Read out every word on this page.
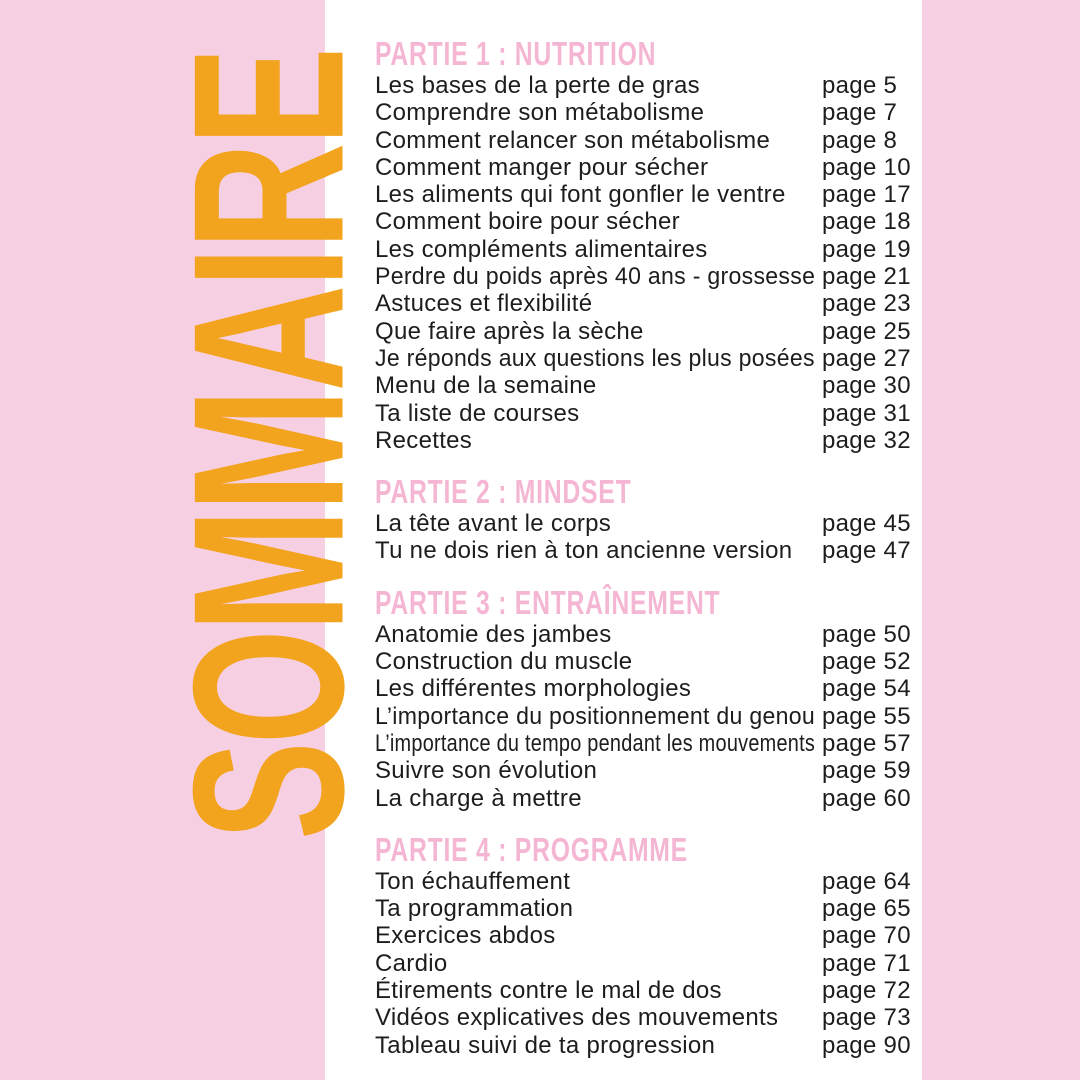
SOMMAIRE
PARTIE 1 : NUTRITION
Les bases de la perte de gras	page 5
Comprendre son métabolisme	page 7
Comment relancer son métabolisme	page 8
Comment manger pour sécher	page 10
Les aliments qui font gonfler le ventre	page 17
Comment boire pour sécher	page 18
Les compléments alimentaires	page 19
Perdre du poids après 40 ans - grossesse page 21
Astuces et flexibilité	page 23
Que faire après la sèche	page 25
Je réponds aux questions les plus posées page 27
Menu de la semaine	page 30
Ta liste de courses	page 31
Recettes	page 32
PARTIE 2 : MINDSET
La tête avant le corps	page 45
Tu ne dois rien à ton ancienne version	page 47
PARTIE 3 : ENTRAÎNEMENT
Anatomie des jambes	page 50
Construction du muscle	page 52
Les différentes morphologies	page 54
L’importance du positionnement du genou page 55
L’importance du tempo pendant les mouvements page 57
Suivre son évolution	page 59
La charge à mettre	page 60
PARTIE 4 : PROGRAMME
Ton échauffement	page 64
Ta programmation	page 65
Exercices abdos	page 70
Cardio	page 71
Étirements contre le mal de dos	page 72
Vidéos explicatives des mouvements	page 73
Tableau suivi de ta progression	page 90
